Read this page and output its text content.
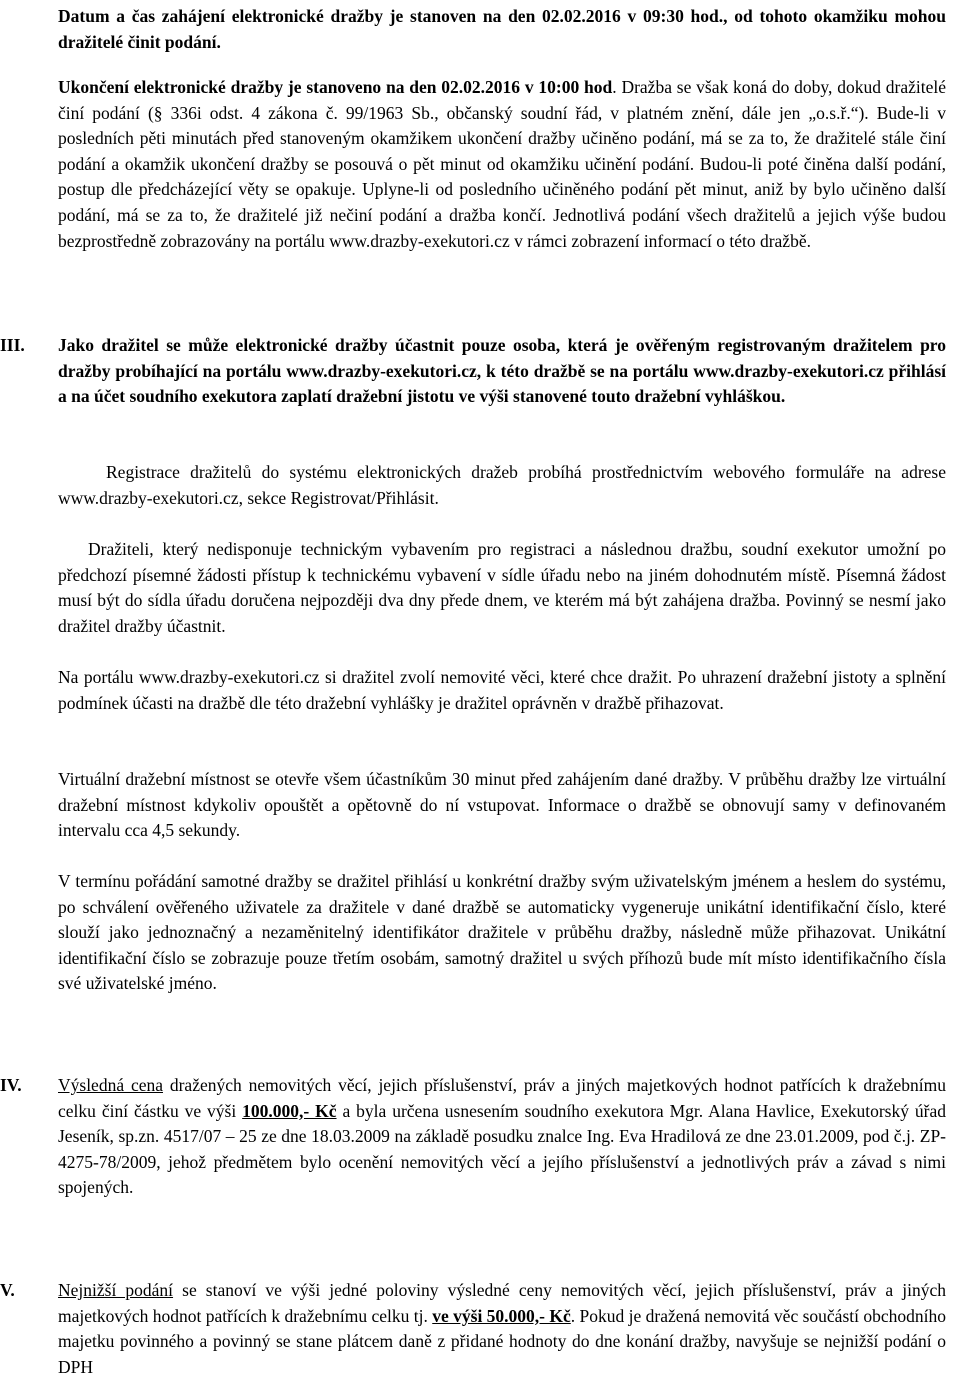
Datum a čas zahájení elektronické dražby je stanoven na den 02.02.2016 v 09:30 hod., od tohoto okamžiku mohou dražitelé činit podání.

Ukončení elektronické dražby je stanoveno na den 02.02.2016 v 10:00 hod. Dražba se však koná do doby, dokud dražitelé činí podání (§ 336i odst. 4 zákona č. 99/1963 Sb., občanský soudní řád, v platném znění, dále jen „o.s.ř.“). Bude-li v posledních pěti minutách před stanoveným okamžikem ukončení dražby učiněno podání, má se za to, že dražitelé stále činí podání a okamžik ukončení dražby se posouvá o pět minut od okamžiku učinění podání. Budou-li poté činěna další podání, postup dle předcházející věty se opakuje. Uplyne-li od posledního učiněného podání pět minut, aniž by bylo učiněno další podání, má se za to, že dražitelé již nečiní podání a dražba končí. Jednotlivá podání všech dražitelů a jejich výše budou bezprostředně zobrazovány na portálu www.drazby-exekutori.cz v rámci zobrazení informací o této dražbě.

III.	Jako dražitel se může elektronické dražby účastnit pouze osoba, která je ověřeným registrovaným dražitelem pro dražby probíhající na portálu www.drazby-exekutori.cz, k této dražbě se na portálu www.drazby-exekutori.cz přihlásí a na účet soudního exekutora zaplatí dražební jistotu ve výši stanovené touto dražební vyhláškou.

Registrace dražitelů do systému elektronických dražeb probíhá prostřednictvím webového formuláře na adrese www.drazby-exekutori.cz, sekce Registrovat/Přihlásit.

Dražiteli, který nedisponuje technickým vybavením pro registraci a následnou dražbu, soudní exekutor umožní po předchozí písemné žádosti přístup k technickému vybavení v sídle úřadu nebo na jiném dohodnutém místě. Písemná žádost musí být do sídla úřadu doručena nejpozději dva dny přede dnem, ve kterém má být zahájena dražba. Povinný se nesmí jako dražitel dražby účastnit.

Na portálu www.drazby-exekutori.cz si dražitel zvolí nemovité věci, které chce dražit. Po uhrazení dražební jistoty a splnění podmínek účasti na dražbě dle této dražební vyhlášky je dražitel oprávněn v dražbě přihazovat.

Virtuální dražební místnost se otevře všem účastníkům 30 minut před zahájením dané dražby. V průběhu dražby lze virtuální dražební místnost kdykoliv opouštět a opětovně do ní vstupovat. Informace o dražbě se obnovují samy v definovaném intervalu cca 4,5 sekundy.

V termínu pořádání samotné dražby se dražitel přihlásí u konkrétní dražby svým uživatelským jménem a heslem do systému, po schválení ověřeného uživatele za dražitele v dané dražbě se automaticky vygeneruje unikátní identifikační číslo, které slouží jako jednoznačný a nezaměnitelný identifikátor dražitele v průběhu dražby, následně může přihazovat. Unikátní identifikační číslo se zobrazuje pouze třetím osobám, samotný dražitel u svých příhozů bude mít místo identifikačního čísla své uživatelské jméno.

IV.	Výsledná cena dražených nemovitých věcí, jejich příslušenství, práv a jiných majetkových hodnot patřících k dražebnímu celku činí částku ve výši 100.000,- Kč a byla určena usnesením soudního exekutora Mgr. Alana Havlice, Exekutorský úřad Jeseník, sp.zn. 4517/07 – 25 ze dne 18.03.2009 na základě posudku znalce Ing. Eva Hradilová ze dne 23.01.2009, pod č.j. ZP-4275-78/2009, jehož předmětem bylo ocenění nemovitých věcí a jejího příslušenství a jednotlivých práv a závad s nimi spojených.

V.	Nejnižší podání se stanoví ve výši jedné poloviny výsledné ceny nemovitých věcí, jejich příslušenství, práv a jiných majetkových hodnot patřících k dražebnímu celku tj. ve výši 50.000,- Kč. Pokud je dražená nemovitá věc součástí obchodního majetku povinného a povinný se stane plátcem daně z přidané hodnoty do dne konání dražby, navyšuje se nejnižší podání o DPH
